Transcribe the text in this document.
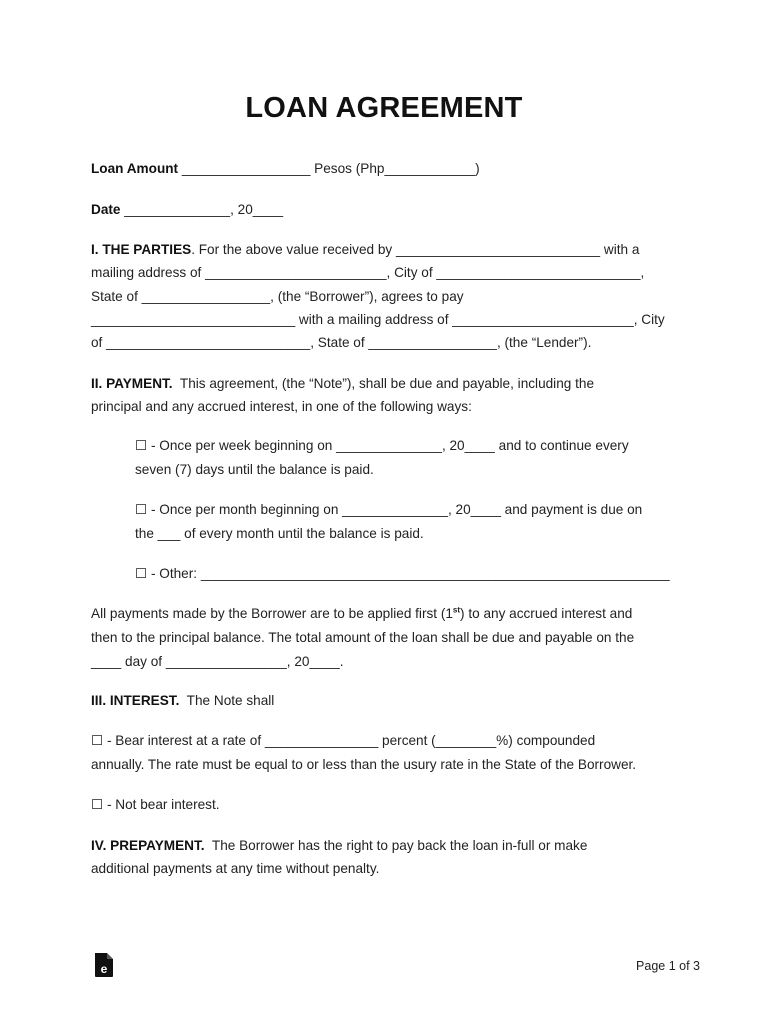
LOAN AGREEMENT
Loan Amount _________________ Pesos (Php____________)
Date ______________, 20____
I. THE PARTIES. For the above value received by ___________________________ with a
mailing address of ________________________, City of ___________________________,
State of _________________, (the “Borrower”), agrees to pay
___________________________ with a mailing address of ________________________, City
of ___________________________, State of _________________, (the “Lender”).
II. PAYMENT.  This agreement, (the “Note”), shall be due and payable, including the
principal and any accrued interest, in one of the following ways:
☐ - Once per week beginning on ______________, 20____ and to continue every
seven (7) days until the balance is paid.
☐ - Once per month beginning on ______________, 20____ and payment is due on
the ___ of every month until the balance is paid.
☐ - Other: ______________________________________________________________
All payments made by the Borrower are to be applied first (1st) to any accrued interest and
then to the principal balance. The total amount of the loan shall be due and payable on the
____ day of ________________, 20____.
III. INTEREST.  The Note shall
☐ - Bear interest at a rate of _______________ percent (________%) compounded
annually. The rate must be equal to or less than the usury rate in the State of the Borrower.
☐ - Not bear interest.
IV. PREPAYMENT.  The Borrower has the right to pay back the loan in-full or make
additional payments at any time without penalty.
e	Page 1 of 3
